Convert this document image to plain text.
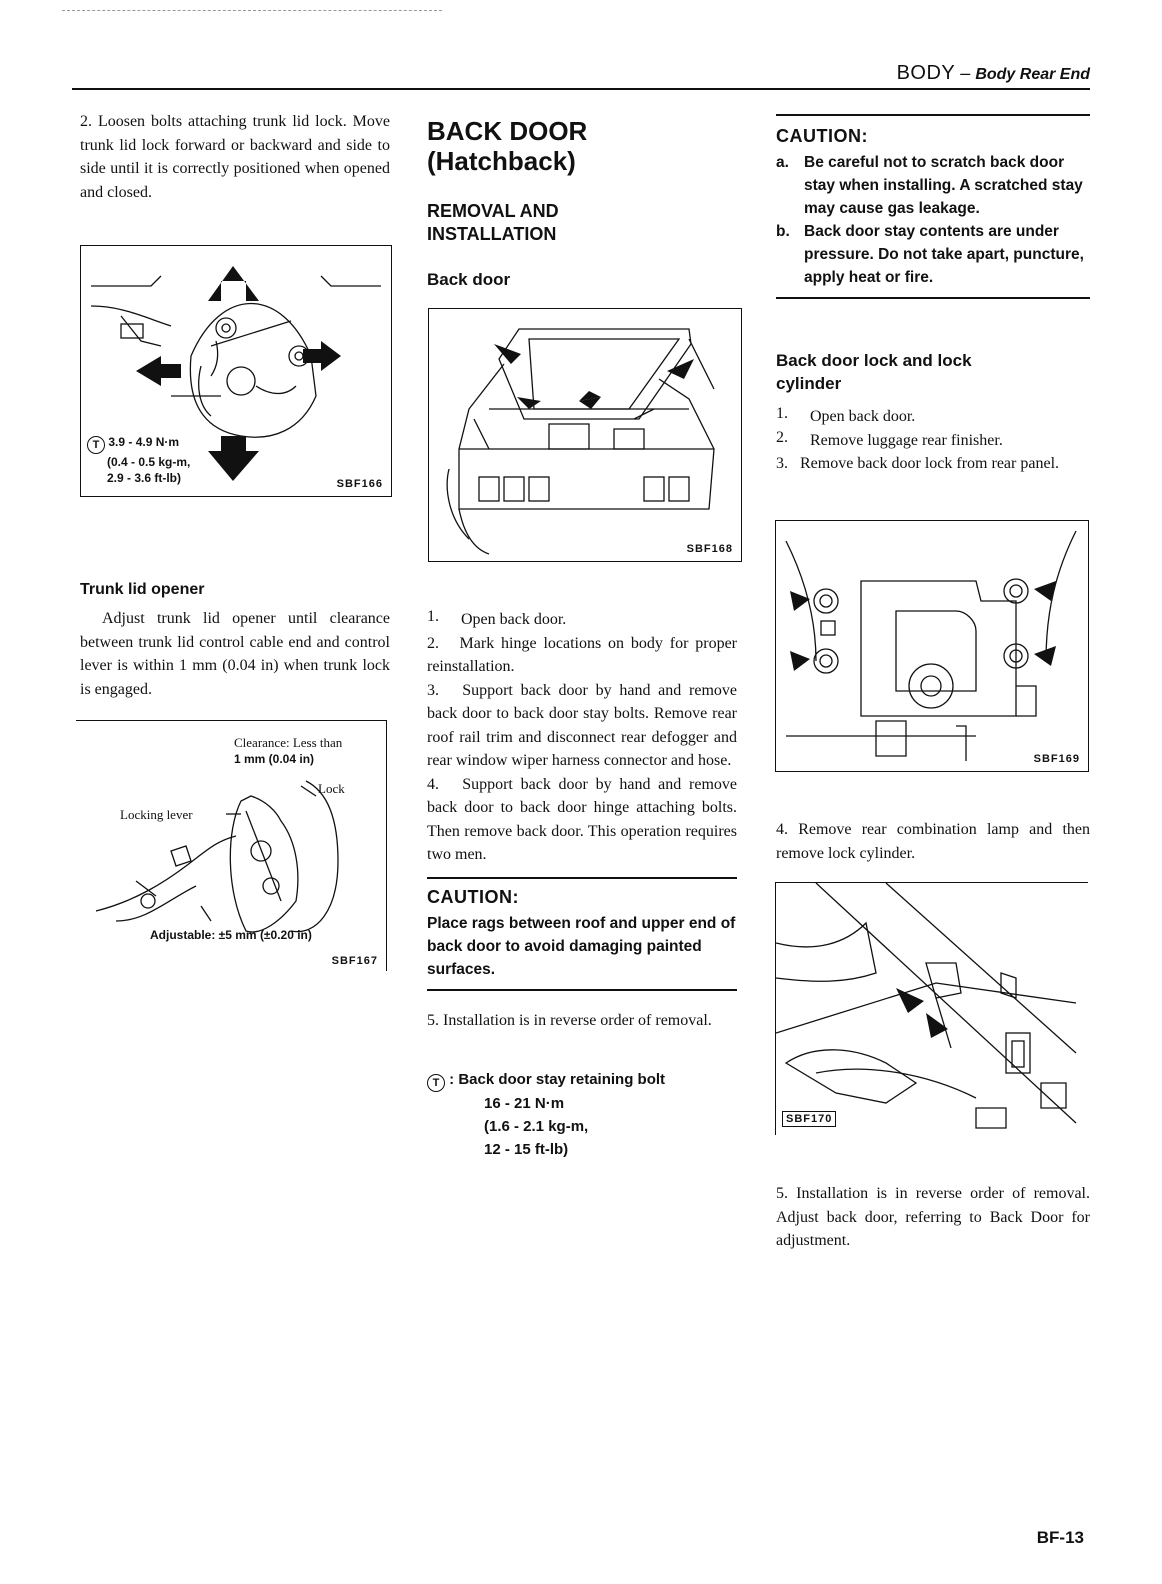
BODY – Body Rear End

2. Loosen bolts attaching trunk lid lock. Move trunk lid lock forward or backward and side to side until it is correctly positioned when opened and closed.

T 3.9 - 4.9 N·m
(0.4 - 0.5 kg-m,
2.9 - 3.6 ft-lb)	SBF166

Trunk lid opener

Adjust trunk lid opener until clearance between trunk lid control cable end and control lever is within 1 mm (0.04 in) when trunk lock is engaged.

Clearance: Less than
1 mm (0.04 in)
Lock
Locking lever
Adjustable: ±5 mm (±0.20 in)
SBF167
BACK DOOR
(Hatchback)
REMOVAL AND
INSTALLATION
Back door
SBF168
1.	Open back door.

2. Mark hinge locations on body for proper reinstallation.

3. Support back door by hand and remove back door to back door stay bolts. Remove rear roof rail trim and disconnect rear defogger and rear window wiper harness connector and hose.

4. Support back door by hand and remove back door to back door hinge attaching bolts. Then remove back door. This operation requires two men.

CAUTION:
Place rags between roof and upper end of back door to avoid damaging painted surfaces.

5. Installation is in reverse order of removal.

T : Back door stay retaining bolt
16 - 21 N·m
(1.6 - 2.1 kg-m,
12 - 15 ft-lb)
CAUTION:
a. Be careful not to scratch back door stay when installing. A scratched stay may cause gas leakage.
b. Back door stay contents are under pressure. Do not take apart, puncture, apply heat or fire.
Back door lock and lock
cylinder
1.	Open back door.

2.	Remove luggage rear finisher.

3. Remove back door lock from rear panel.

SBF169

4. Remove rear combination lamp and then remove lock cylinder.

SBF170

5. Installation is in reverse order of removal. Adjust back door, referring to Back Door for adjustment.

BF-13
